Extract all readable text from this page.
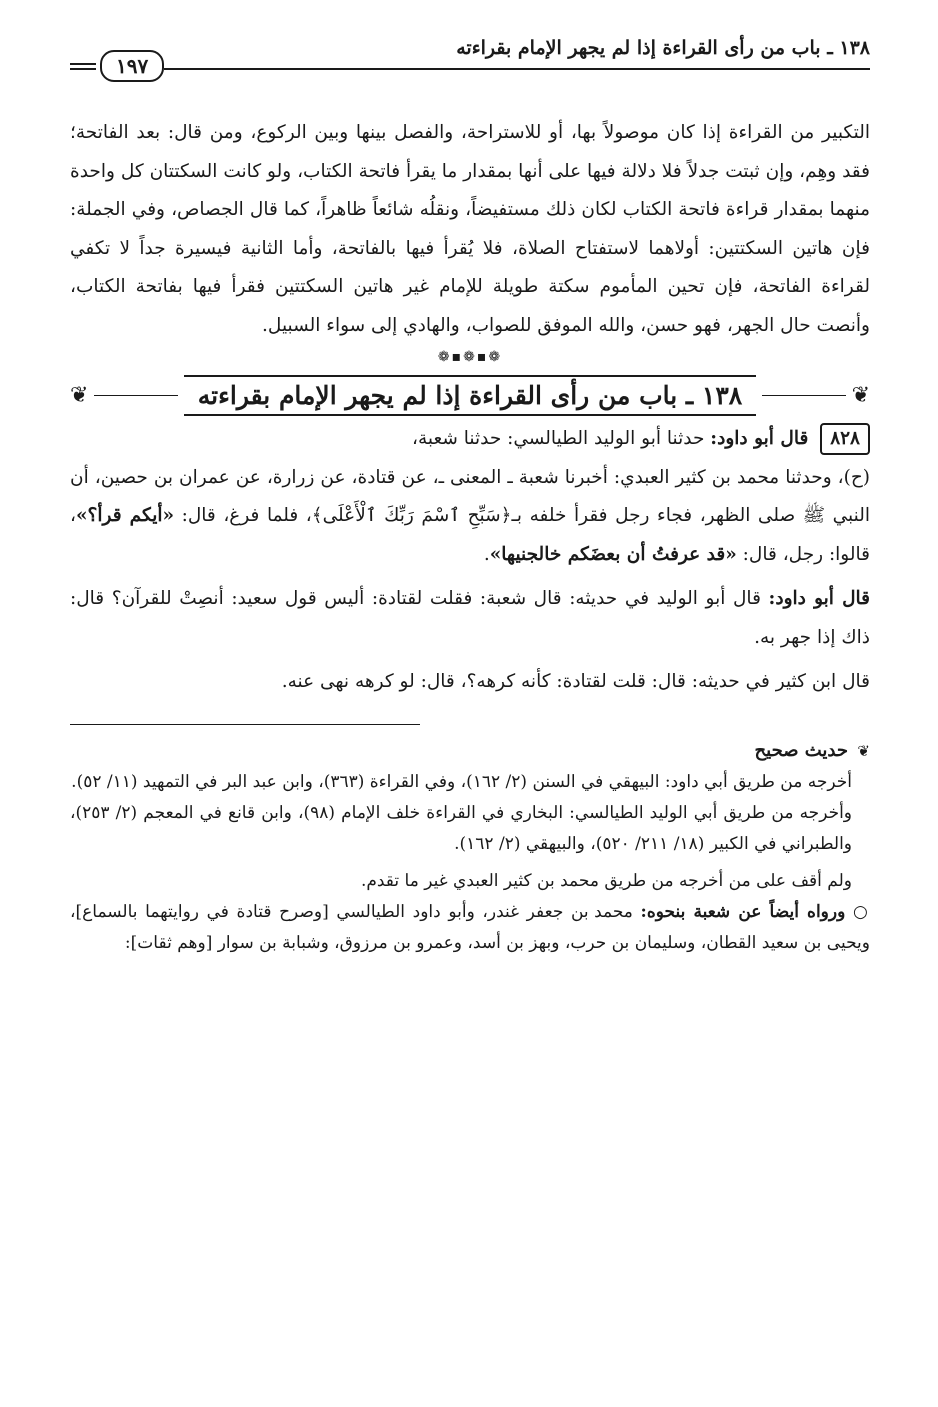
١٣٨ ـ باب من رأى القراءة إذا لم يجهر الإمام بقراءته
١٩٧

التكبير من القراءة إذا كان موصولاً بها، أو للاستراحة، والفصل بينها وبين الركوع، ومن قال: بعد الفاتحة؛ فقد وهِم، وإن ثبتت جدلاً فلا دلالة فيها على أنها بمقدار ما يقرأ فاتحة الكتاب، ولو كانت السكتتان كل واحدة منهما بمقدار قراءة فاتحة الكتاب لكان ذلك مستفيضاً، ونقلُه شائعاً ظاهراً، كما قال الجصاص، وفي الجملة: فإن هاتين السكتتين: أولاهما لاستفتاح الصلاة، فلا يُقرأ فيها بالفاتحة، وأما الثانية فيسيرة جداً لا تكفي لقراءة الفاتحة، فإن تحين المأموم سكتة طويلة للإمام غير هاتين السكتتين فقرأ فيها بفاتحة الكتاب، وأنصت حال الجهر، فهو حسن، والله الموفق للصواب، والهادي إلى سواء السبيل.

❁▪❁▪❁
❦
١٣٨ ـ باب من رأى القراءة إذا لم يجهر الإمام بقراءته
❦

٨٢٨ قال أبو داود: حدثنا أبو الوليد الطيالسي: حدثنا شعبة،

(ح)، وحدثنا محمد بن كثير العبدي: أخبرنا شعبة ـ المعنى ـ، عن قتادة، عن زرارة، عن عمران بن حصين، أن النبي ﷺ صلى الظهر، فجاء رجل فقرأ خلفه بـ﴿سَبِّحِ ٱسْمَ رَبِّكَ ٱلْأَعْلَى﴾، فلما فرغ، قال: «أيكم قرأ؟»، قالوا: رجل، قال: «قد عرفتُ أن بعضَكم خالجنيها».

قال أبو داود: قال أبو الوليد في حديثه: قال شعبة: فقلت لقتادة: أليس قول سعيد: أنصِتْ للقرآن؟ قال: ذاك إذا جهر به.

قال ابن كثير في حديثه: قال: قلت لقتادة: كأنه كرهه؟، قال: لو كرهه نهى عنه.

❦ حديث صحيح

أخرجه من طريق أبي داود: البيهقي في السنن (٢/ ١٦٢)، وفي القراءة (٣٦٣)، وابن عبد البر في التمهيد (١١/ ٥٢).

وأخرجه من طريق أبي الوليد الطيالسي: البخاري في القراءة خلف الإمام (٩٨)، وابن قانع في المعجم (٢/ ٢٥٣)، والطبراني في الكبير (١٨/ ٢١١/ ٥٢٠)، والبيهقي (٢/ ١٦٢).

ولم أقف على من أخرجه من طريق محمد بن كثير العبدي غير ما تقدم.

○ ورواه أيضاً عن شعبة بنحوه: محمد بن جعفر غندر، وأبو داود الطيالسي [وصرح قتادة في روايتهما بالسماع]، ويحيى بن سعيد القطان، وسليمان بن حرب، وبهز بن أسد، وعمرو بن مرزوق، وشبابة بن سوار [وهم ثقات]:
